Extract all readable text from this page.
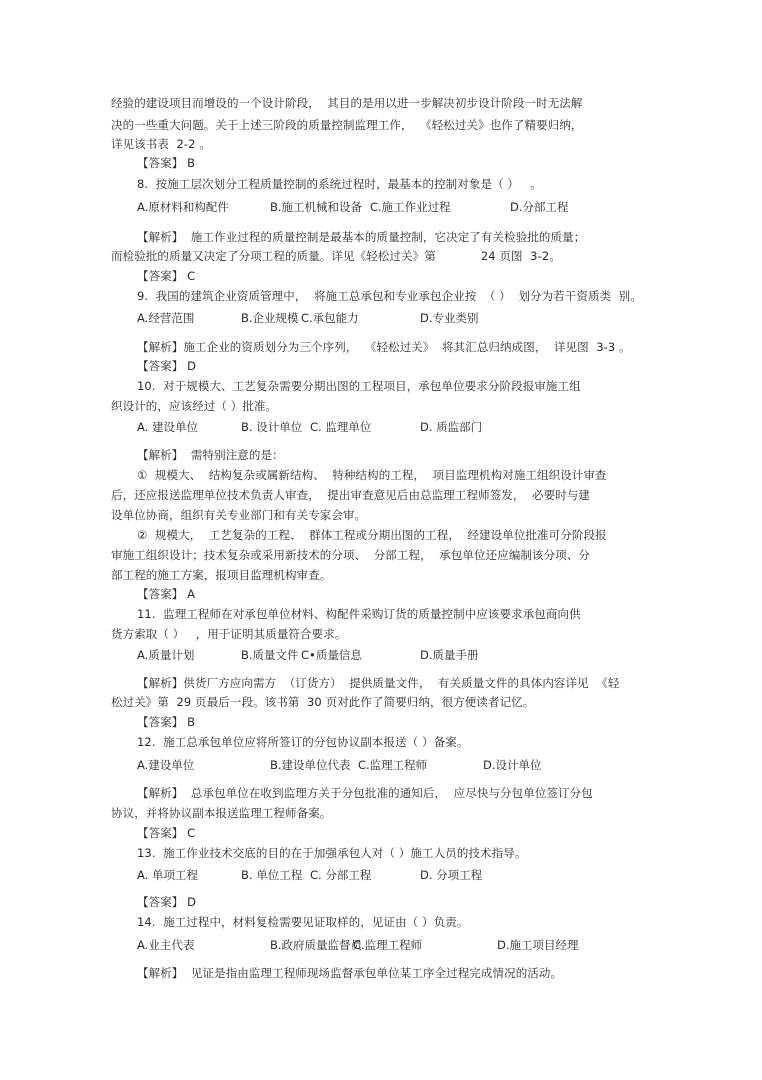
经验的建设项目而增设的一个设计阶段，  其目的是用以进一步解决初步设计阶段一时无法解
决的一些重大问题。关于上述三阶段的质量控制监理工作，  《轻松过关》也作了精要归纳，
详见该书表  2-2 。
【答案】 B
8.  按施工层次划分工程质量控制的系统过程时，最基本的控制对象是（ ）   。
A.原材料和构配件	B.施工机械和设备 C.施工作业过程	D.分部工程
【解析】  施工作业过程的质量控制是最基本的质量控制，它决定了有关检验批的质量；
而检验批的质量又决定了分项工程的质量。详见《轻松过关》第            24 页图  3-2。
【答案】 C
9.  我国的建筑企业资质管理中，  将施工总承包和专业承包企业按  （ ）  划分为若干资质类  别。
A.经营范围	B.企业规模 C.承包能力	D.专业类别
【解析】施工企业的资质划分为三个序列，  《轻松过关》  将其汇总归纳成图，  详见图  3-3 。
【答案】 D
10.  对于规模大、工艺复杂需要分期出图的工程项目，承包单位要求分阶段报审施工组
织设计的，应该经过（ ）批准。
A. 建设单位	B. 设计单位 C. 监理单位	D. 质监部门
【解析】  需特别注意的是：
①  规模大、  结构复杂或属新结构、  特种结构的工程，  项目监理机构对施工组织设计审查
后，还应报送监理单位技术负责人审查，  提出审查意见后由总监理工程师签发，  必要时与建
设单位协商，组织有关专业部门和有关专家会审。
②  规模大，  工艺复杂的工程、  群体工程或分期出图的工程，  经建设单位批准可分阶段报
审施工组织设计；技术复杂或采用新技术的分项、  分部工程，  承包单位还应编制该分项、分
部工程的施工方案，报项目监理机构审查。
【答案】 A
11.  监理工程师在对承包单位材料、构配件采购订货的质量控制中应该要求承包商向供
货方索取（ ）   ，用于证明其质量符合要求。
A.质量计划	B.质量文件 C•质量信息	D.质量手册
【解析】供货厂方应向需方  （订货方）  提供质量文件，  有关质量文件的具体内容详见  《轻
松过关》第  29 页最后一段。该书第  30 页对此作了简要归纳，很方便读者记忆。
【答案】 B
12.  施工总承包单位应将所签订的分包协议副本报送（ ）备案。
A.建设单位	B.建设单位代表 C.监理工程师	D.设计单位
【解析】  总承包单位在收到监理方关于分包批准的通知后，  应尽快与分包单位签订分包
协议，并将协议副本报送监理工程师备案。
【答案】 C
13.  施工作业技术交底的目的在于加强承包人对（ ）施工人员的技术指导。
A. 单项工程	B. 单位工程 C. 分部工程	D. 分项工程
【答案】 D
14.  施工过程中，材料复检需要见证取样的，见证由（ ）负责。
A.业主代表	B.政府质量监督员
C.监理工程师	D.施工项目经理
【解析】  见证是指由监理工程师现场监督承包单位某工序全过程完成情况的活动。
